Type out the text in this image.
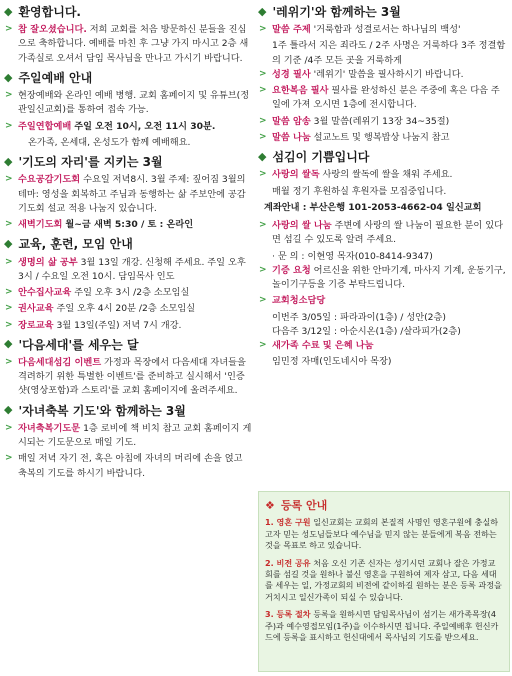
◆ 환영합니다.
> 참 잘오셨습니다. 저희 교회를 처음 방문하신 분들을 진심으로 축하합니다. 예배를 마친 후 그냥 가지 마시고 2층 새가족실로 오셔서 담임 목사님을 만나고 가시기 바랍니다.
◆ 주일예배 안내
> 현장예배와 온라인 예배 병행. 교회 홈페이지 및 유튜브(정관일신교회)를 통하여 접속 가능.
> 주일연합예배 주일 오전 10시, 오전 11시 30분.
온가족, 온세대, 온성도가 함께 예배해요.
◆ '기도의 자리'를 지키는 3월
> 수요공감기도회 수요일 저녁8시. 3월 주제: 짚어짐 3월의 테마: 영성을 회복하고 주님과 동행하는 삶 주보안에 공감기도회 설교 적용 나눔지 있습니다.
> 새벽기도회 월~금 새벽 5:30 / 토 : 온라인
◆ 교육, 훈련, 모임 안내
> 생명의 삶 공부 3월 13일 개강. 신청해 주세요. 주일 오후 3시 / 수요일 오전 10시. 담임목사 인도
> 안수집사교육 주일 오후 3시 /2층 소모임실
> 권사교육 주일 오후 4시 20분 /2층 소모임실
> 장로교육 3월 13일(주일) 저녁 7시 개강.
◆ '다음세대'를 세우는 달
> 다음세대섬김 이벤트 가정과 목장에서 다음세대 자녀들을 격려하기 위한 특별한 이벤트'를 준비하고 실시해서 '인증샷(영상포함)과 스토리'를 교회 홈페이지에 올려주세요.
◆ '자녀축복 기도'와 함께하는 3월
> 자녀축복기도문 1층 로비에 책 비치 참고 교회 홈페이지 게시되는 기도문으로 매일 기도.
> 매일 저녁 자기 전, 혹은 아침에 자녀의 머리에 손을 얹고 축복의 기도를 하시기 바랍니다.
◆ '레위기'와 함께하는 3월
> 말씀 주제 '거룩함과 성결로서는 하나님의 백성'
1주 틀라서 지은 죄라도 / 2주 사명은 거룩하다 3주 정결함의 기준 /4주 모든 곳을 거룩하게
> 성경 필사 '레위기' 말씀을 필사하시기 바랍니다.
> 요한복음 필사 필사를 완성하신 분은 주중에 혹은 다음 주일에 가져 오시면 1층에 전시합니다.
> 말씀 암송 3월 말씀(레위기 13장 34~35절)
> 말씀 나눔 설교노트 및 행복밥상 나눔지 참고
◆ 섬김이 기쁨입니다
> 사랑의 쌀독 사랑의 쌀독에 쌀을 채워 주세요.
매월 정기 후원하실 후원자를 모집중입니다.
계좌안내 : 부산은행 101-2053-4662-04 일신교회
> 사랑의 쌀 나눔 주변에 사랑의 쌀 나눔이 필요한 분이 있다면 섬길 수 있도록 알려 주세요.
· 문 의 : 이현영 목자(010-8414-9347)
> 기증 요청 어르신을 위한 안마기계, 마사지 기계, 운동기구, 놀이기구등을 기증 부탁드립니다.
> 교회청소담당
이번주 3/05일 : 파라과이(1층) / 성안(2층)
다음주 3/12일 : 아순시온(1층) /살라피가(2층)
> 새가족 수료 및 은혜 나눔
임민정 자매(인도네시아 목장)
❖ 등록 안내
1. 영혼 구원 일신교회는 교회의 본질적 사명인 영혼구원에 충실하고자 믿는 성도님들보다 예수님을 믿지 않는 분들에게 복음 전하는 것을 목표로 하고 있습니다.
2. 비전 공유 처음 오신 기존 신자는 성기시던 교회나 잘은 가정교회를 섬길 것을 원하나 불신 영혼을 구원하여 제자 삼고, 다음 세대를 세우는 일, 가정교회의 비전에 같이하길 원하는 분은 등록 과정을 거치시고 일신가족이 되실 수 있습니다.
3. 등록 절차 등록을 원하시면 담임목사님이 섬기는 새가족목장(4주)과 예수영접모임(1주)을 이수하시면 됩니다. 주일예배후 헌신카드에 등록을 표시하고 헌신대에서 목사님의 기도를 받으세요.
